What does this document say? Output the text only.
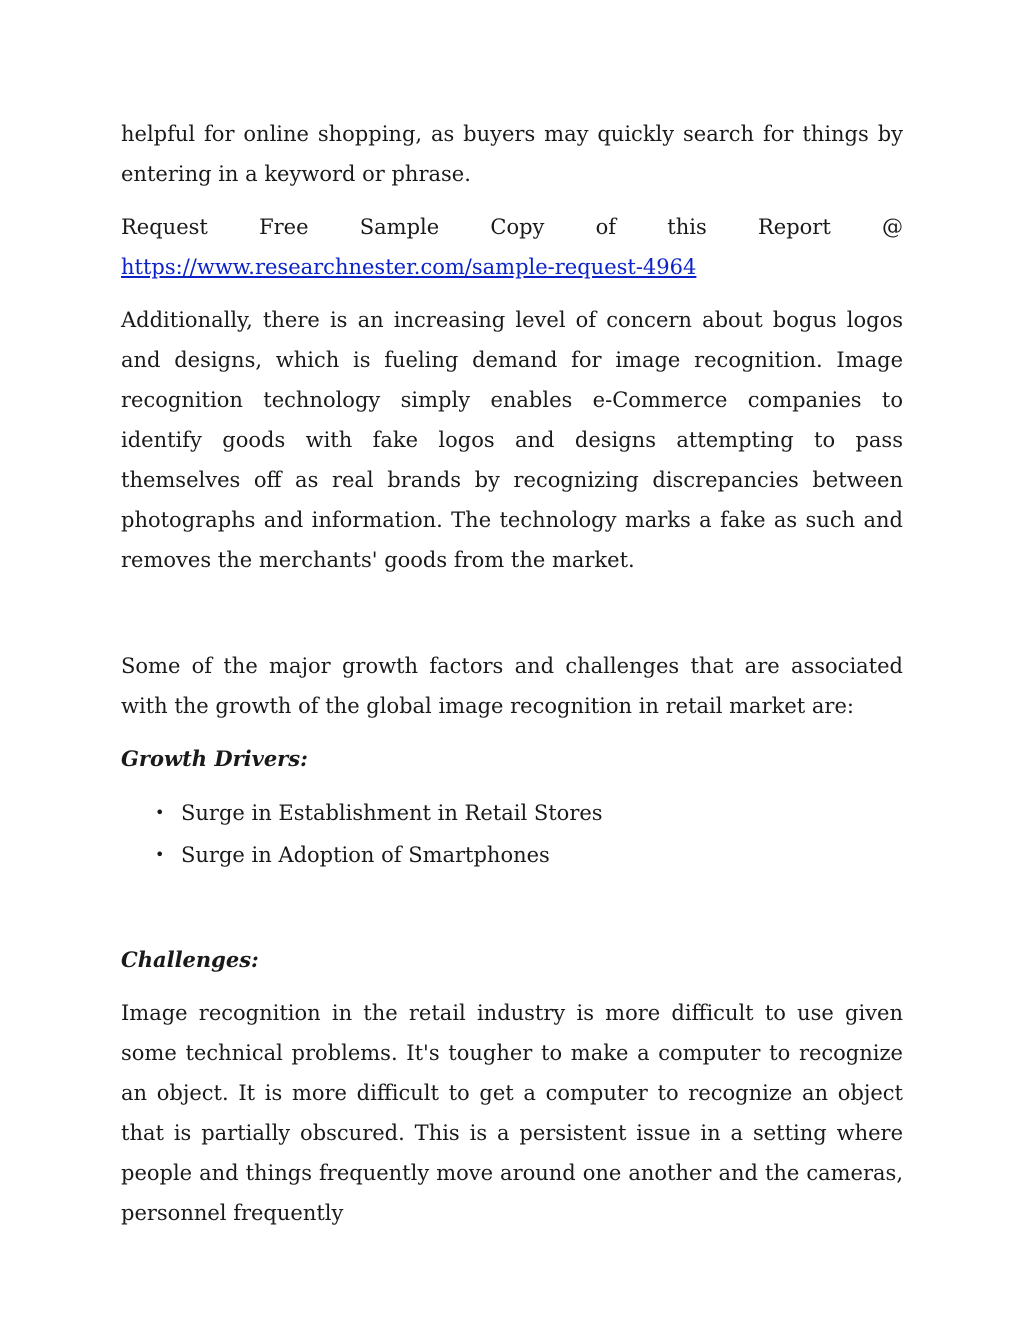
helpful for online shopping, as buyers may quickly search for things by entering in a keyword or phrase.

Request Free Sample Copy of this Report @

https://www.researchnester.com/sample-request-4964

Additionally, there is an increasing level of concern about bogus logos and designs, which is fueling demand for image recognition. Image recognition technology simply enables e-Commerce companies to identify goods with fake logos and designs attempting to pass themselves off as real brands by recognizing discrepancies between photographs and information. The technology marks a fake as such and removes the merchants' goods from the market.

Some of the major growth factors and challenges that are associated with the growth of the global image recognition in retail market are:

Growth Drivers:
• Surge in Establishment in Retail Stores
• Surge in Adoption of Smartphones
Challenges:

Image recognition in the retail industry is more difficult to use given some technical problems. It's tougher to make a computer to recognize an object. It is more difficult to get a computer to recognize an object that is partially obscured. This is a persistent issue in a setting where people and things frequently move around one another and the cameras, personnel frequently
